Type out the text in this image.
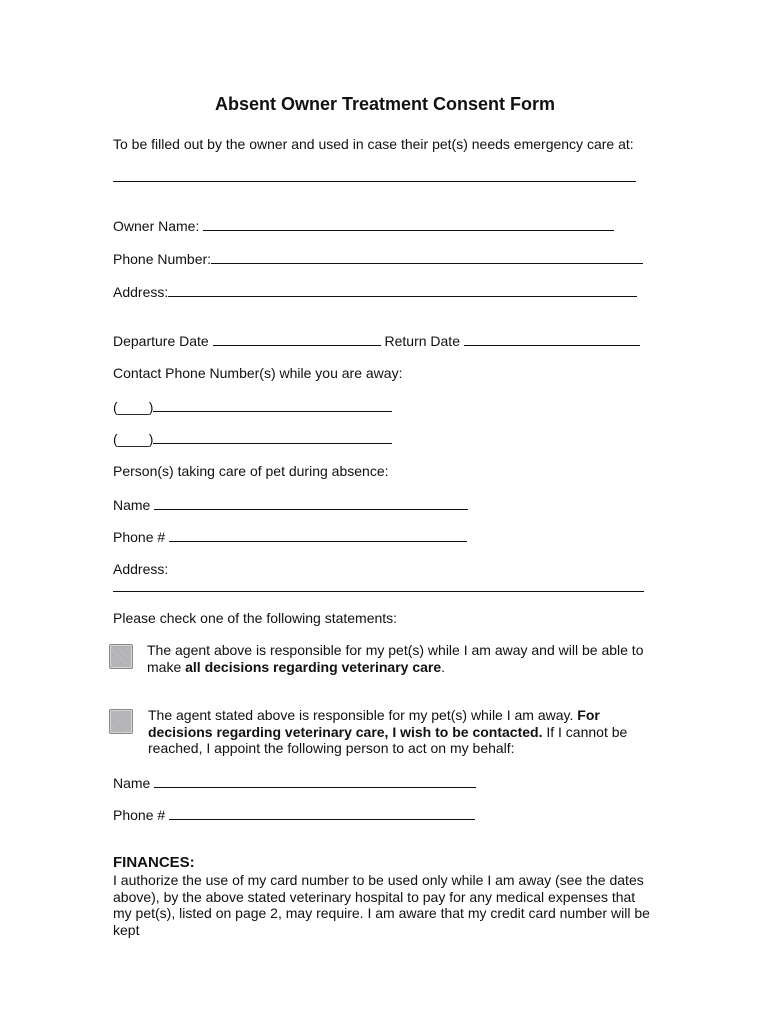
Absent Owner Treatment Consent Form
To be filled out by the owner and used in case their pet(s) needs emergency care at:
Owner Name:
Phone Number:
Address:
Departure Date	Return Date
Contact Phone Number(s) while you are away:
(____)
(____)
Person(s) taking care of pet during absence:
Name
Phone #
Address:
Please check one of the following statements:
The agent above is responsible for my pet(s) while I am away and will be able to make all decisions regarding veterinary care.
The agent stated above is responsible for my pet(s) while I am away. For decisions regarding veterinary care, I wish to be contacted. If I cannot be reached, I appoint the following person to act on my behalf:
Name
Phone #
FINANCES:
I authorize the use of my card number to be used only while I am away (see the dates above), by the above stated veterinary hospital to pay for any medical expenses that my pet(s), listed on page 2, may require. I am aware that my credit card number will be kept
